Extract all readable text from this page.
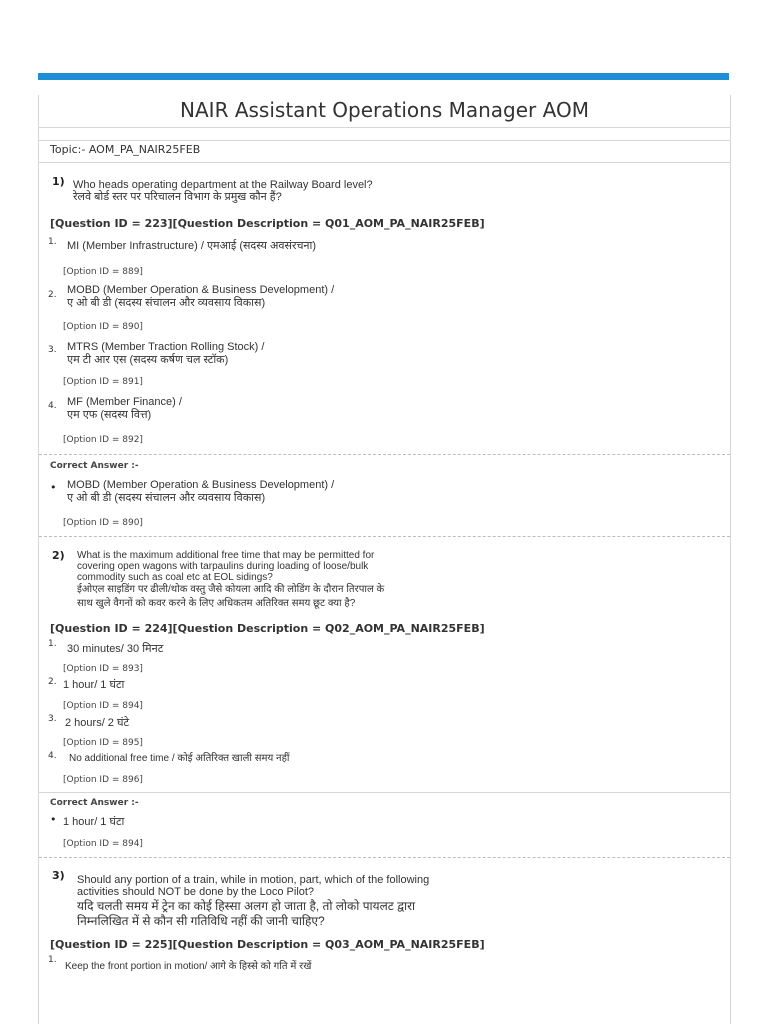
NAIR Assistant Operations Manager AOM
Topic:- AOM_PA_NAIR25FEB
1) Who heads operating department at the Railway Board level?
रेलवे बोर्ड स्तर पर परिचालन विभाग के प्रमुख कौन हैं?
[Question ID = 223][Question Description = Q01_AOM_PA_NAIR25FEB]
1. MI (Member Infrastructure) / एमआई (सदस्य अवसंरचना)
[Option ID = 889]
2. MOBD (Member Operation & Business Development) /
ए ओ बी डी (सदस्य संचालन और व्यवसाय विकास)
[Option ID = 890]
3. MTRS (Member Traction Rolling Stock) /
एम टी आर एस (सदस्य कर्षण चल स्टॉक)
[Option ID = 891]
4. MF (Member Finance) /
एम एफ (सदस्य वित्त)
[Option ID = 892]
Correct Answer :-
• MOBD (Member Operation & Business Development) /
ए ओ बी डी (सदस्य संचालन और व्यवसाय विकास)
[Option ID = 890]
2) What is the maximum additional free time that may be permitted for
covering open wagons with tarpaulins during loading of loose/bulk
commodity such as coal etc at EOL sidings?
ईओएल साइडिंग पर ढीली/थोक वस्तु जैसे कोयला आदि की लोडिंग के दौरान तिरपाल के
साथ खुले वैगनों को कवर करने के लिए अधिकतम अतिरिक्त समय छूट क्या है?
[Question ID = 224][Question Description = Q02_AOM_PA_NAIR25FEB]
1. 30 minutes/ 30 मिनट
[Option ID = 893]
2. 1 hour/ 1 घंटा
[Option ID = 894]
3. 2 hours/ 2 घंटे
[Option ID = 895]
4. No additional free time / कोई अतिरिक्त खाली समय नहीं
[Option ID = 896]
Correct Answer :-
• 1 hour/ 1 घंटा
[Option ID = 894]
3) Should any portion of a train, while in motion, part, which of the following
activities should NOT be done by the Loco Pilot?
यदि चलती समय में ट्रेन का कोई हिस्सा अलग हो जाता है, तो लोको पायलट द्वारा
निम्नलिखित में से कौन सी गतिविधि नहीं की जानी चाहिए?
[Question ID = 225][Question Description = Q03_AOM_PA_NAIR25FEB]
1.
Keep the front portion in motion/ आगे के हिस्से को गति में रखें
